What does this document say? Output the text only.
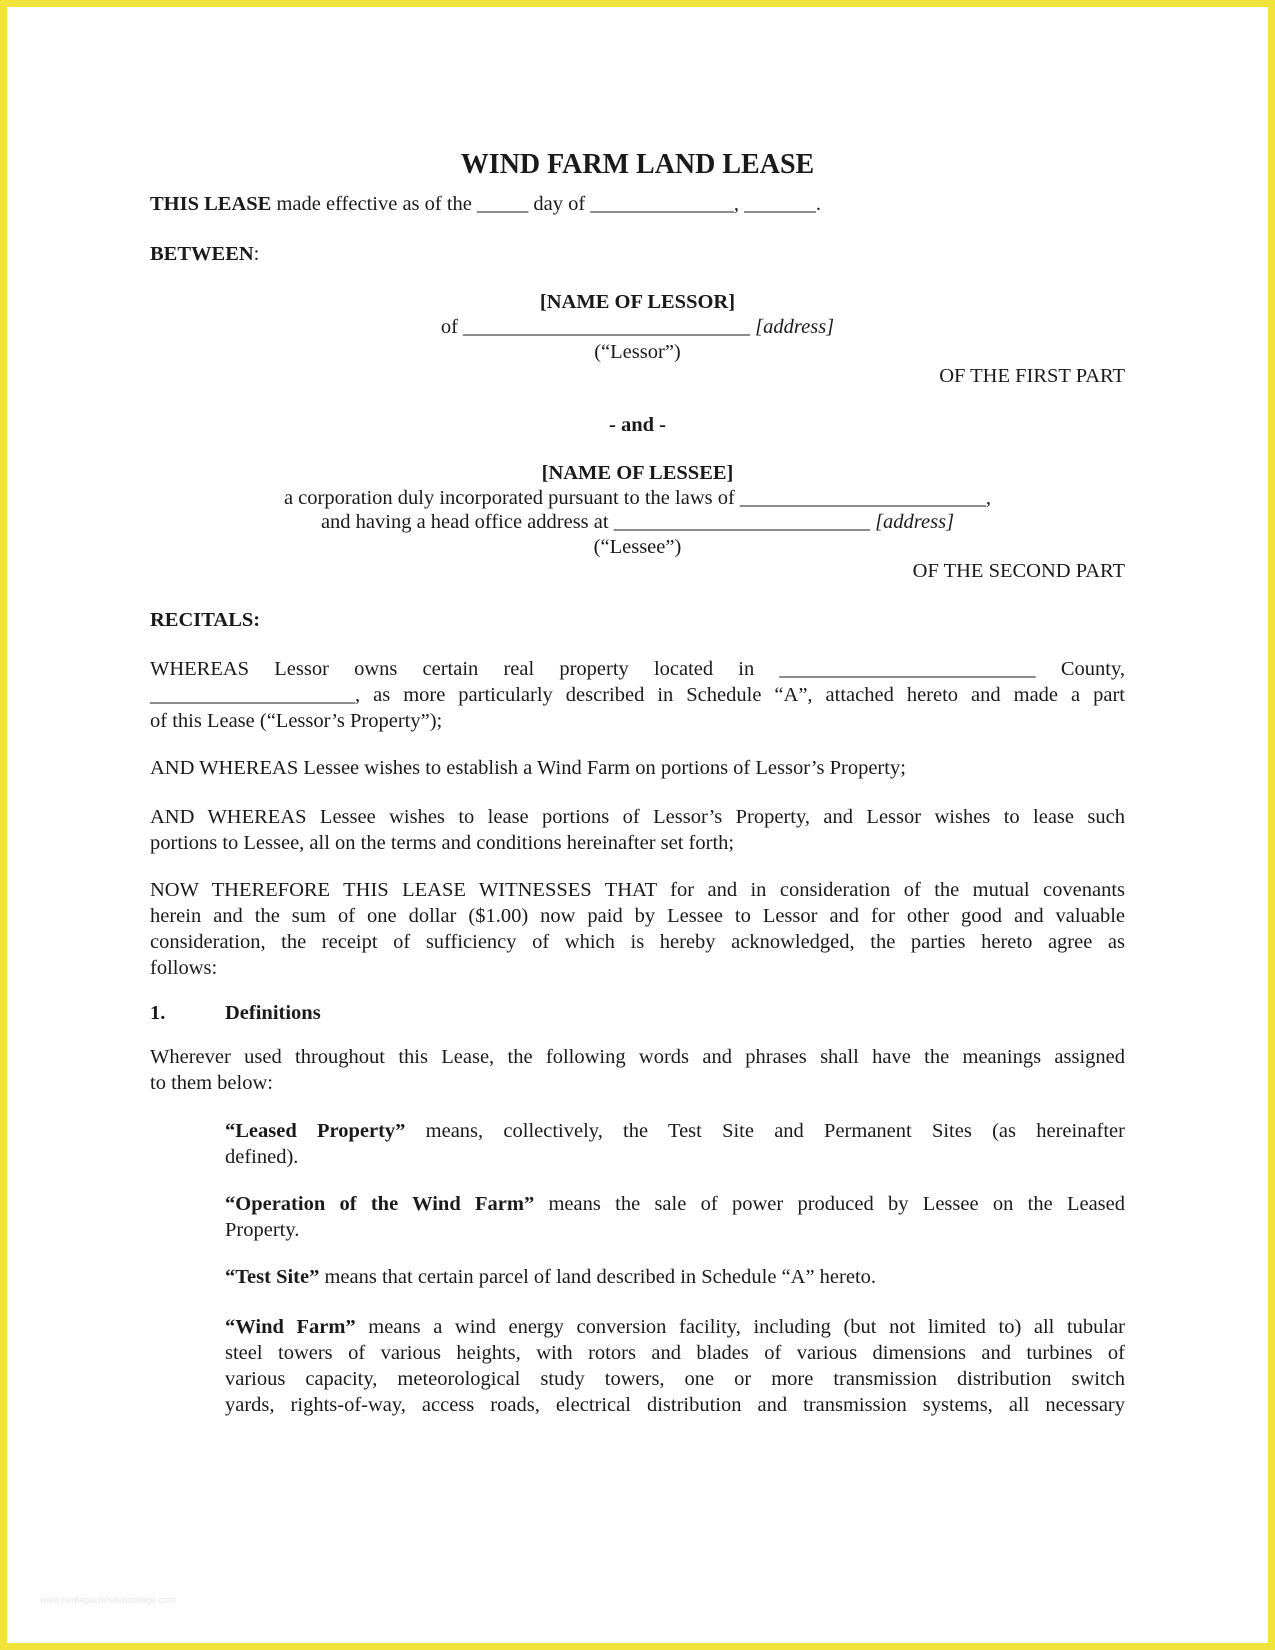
WIND FARM LAND LEASE
THIS LEASE made effective as of the _____ day of ______________, _______.
BETWEEN:
[NAME OF LESSOR]
of ____________________________ [address]
(“Lessor”)
OF THE FIRST PART
- and -
[NAME OF LESSEE]
a corporation duly incorporated pursuant to the laws of ________________________,
and having a head office address at _________________________ [address]
(“Lessee”)
OF THE SECOND PART
RECITALS:
WHEREAS Lessor owns certain real property located in _________________________ County,
____________________, as more particularly described in Schedule “A”, attached hereto and made a part
of this Lease (“Lessor’s Property”);
AND WHEREAS Lessee wishes to establish a Wind Farm on portions of Lessor’s Property;
AND WHEREAS Lessee wishes to lease portions of Lessor’s Property, and Lessor wishes to lease such
portions to Lessee, all on the terms and conditions hereinafter set forth;
NOW THEREFORE THIS LEASE WITNESSES THAT for and in consideration of the mutual covenants
herein and the sum of one dollar ($1.00) now paid by Lessee to Lessor and for other good and valuable
consideration, the receipt of sufficiency of which is hereby acknowledged, the parties hereto agree as
follows:
1.	Definitions
Wherever used throughout this Lease, the following words and phrases shall have the meanings assigned
to them below:
“Leased Property” means, collectively, the Test Site and Permanent Sites (as hereinafter
defined).
“Operation of the Wind Farm” means the sale of power produced by Lessee on the Leased
Property.
“Test Site” means that certain parcel of land described in Schedule “A” hereto.
“Wind Farm” means a wind energy conversion facility, including (but not limited to) all tubular
steel towers of various heights, with rotors and blades of various dimensions and turbines of
various capacity, meteorological study towers, one or more transmission distribution switch
yards, rights-of-way, access roads, electrical distribution and transmission systems, all necessary
www.heritagechristiancollege.com
